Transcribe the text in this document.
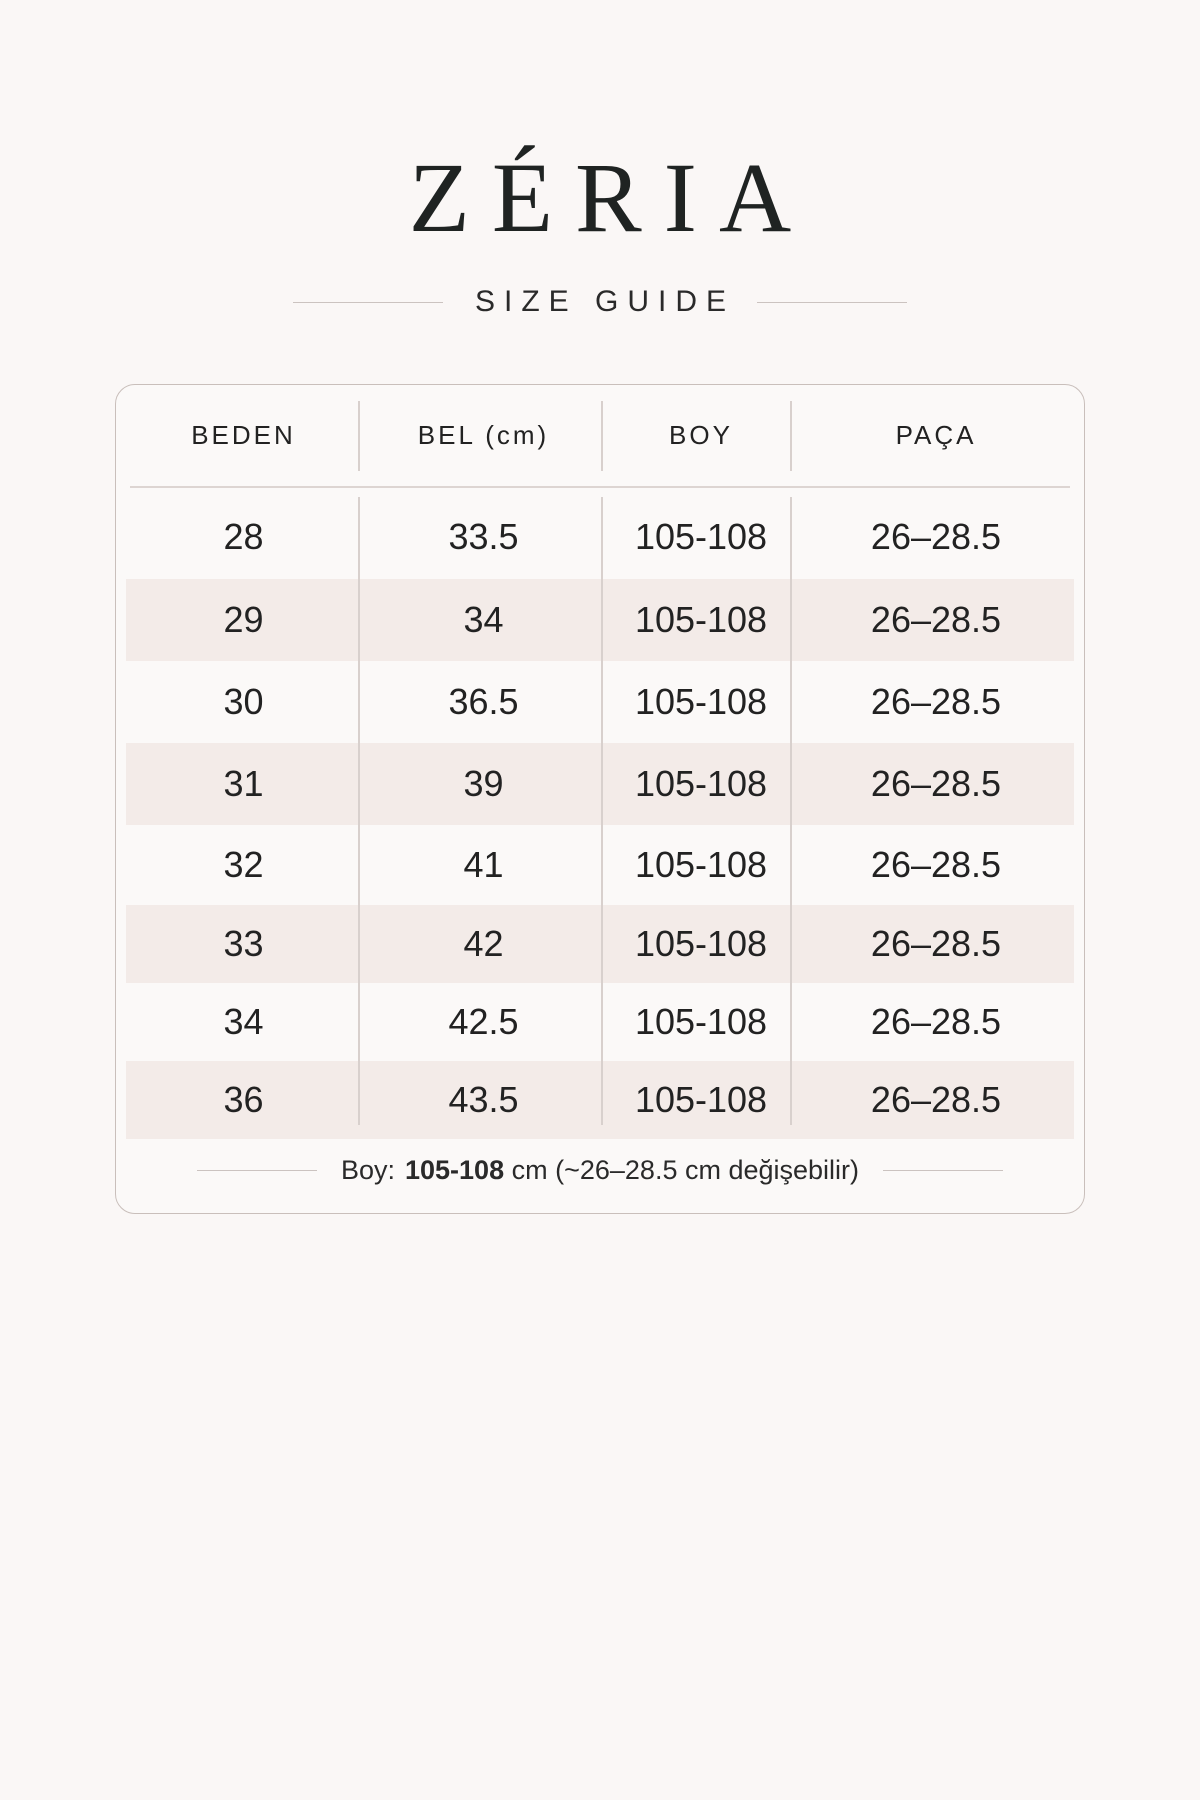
ZÉRIA
SIZE GUIDE
BEDEN	BEL (cm)	BOY	PAÇA
28	33.5	105-108	26–28.5
29	34	105-108	26–28.5
30	36.5	105-108	26–28.5
31	39	105-108	26–28.5
32	41	105-108	26–28.5
33	42	105-108	26–28.5
34	42.5	105-108	26–28.5
36	43.5	105-108	26–28.5
Boy: 105-108 cm (~26–28.5 cm değişebilir)
